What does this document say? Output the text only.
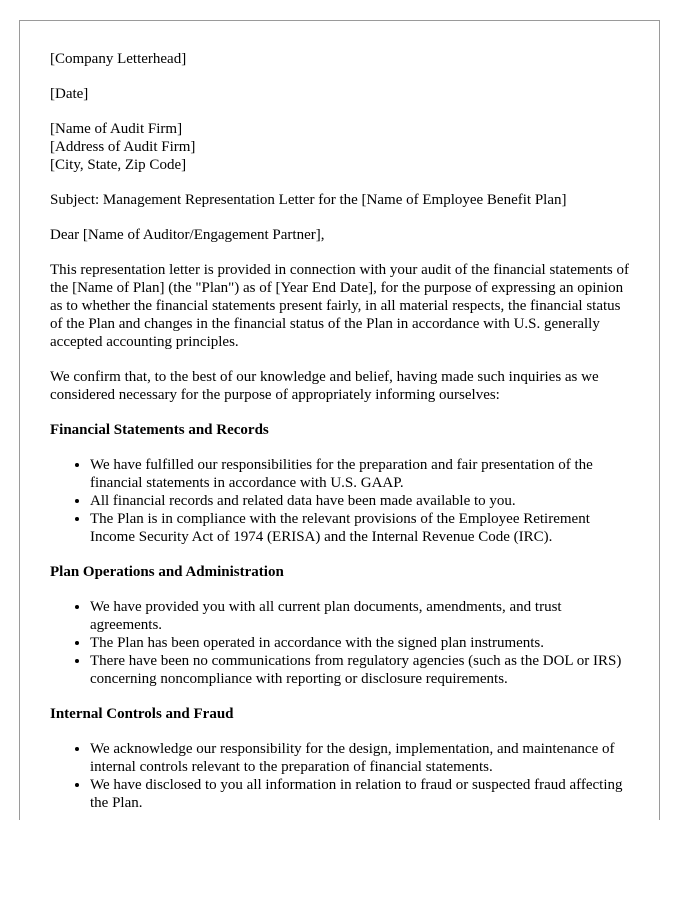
[Company Letterhead]

[Date]

[Name of Audit Firm]
[Address of Audit Firm]
[City, State, Zip Code]

Subject: Management Representation Letter for the [Name of Employee Benefit Plan]

Dear [Name of Auditor/Engagement Partner],

This representation letter is provided in connection with your audit of the financial statements of the [Name of Plan] (the "Plan") as of [Year End Date], for the purpose of expressing an opinion as to whether the financial statements present fairly, in all material respects, the financial status of the Plan and changes in the financial status of the Plan in accordance with U.S. generally accepted accounting principles.

We confirm that, to the best of our knowledge and belief, having made such inquiries as we considered necessary for the purpose of appropriately informing ourselves:

Financial Statements and Records

• We have fulfilled our responsibilities for the preparation and fair presentation of the financial statements in accordance with U.S. GAAP.
• All financial records and related data have been made available to you.
• The Plan is in compliance with the relevant provisions of the Employee Retirement Income Security Act of 1974 (ERISA) and the Internal Revenue Code (IRC).

Plan Operations and Administration

• We have provided you with all current plan documents, amendments, and trust agreements.
• The Plan has been operated in accordance with the signed plan instruments.
• There have been no communications from regulatory agencies (such as the DOL or IRS) concerning noncompliance with reporting or disclosure requirements.

Internal Controls and Fraud

• We acknowledge our responsibility for the design, implementation, and maintenance of internal controls relevant to the preparation of financial statements.
• We have disclosed to you all information in relation to fraud or suspected fraud affecting the Plan.
